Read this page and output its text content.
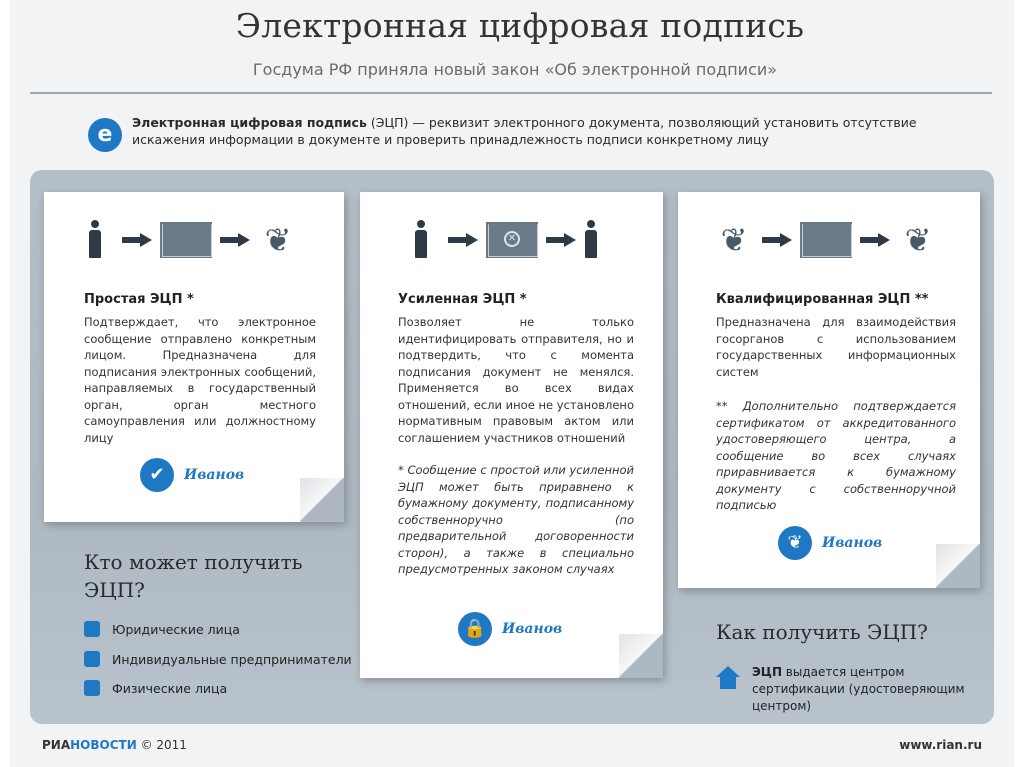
Электронная цифровая подпись
Госдума РФ приняла новый закон «Об электронной подписи»
e	Электронная цифровая подпись (ЭЦП) — реквизит электронного документа, позволяющий установить отсутствие искажения информации в документе и проверить принадлежность подписи конкретному лицу
❦
Простая ЭЦП *
Подтверждает, что электронное сообщение отправлено конкретным лицом. Предназначена для подписания электронных сообщений, направляемых в государственный орган, орган местного самоуправления или должностному лицу
✔	Иванов
✕
Усиленная ЭЦП *
Позволяет не только идентифицировать отправителя, но и подтвердить, что с момента подписания документ не менялся. Применяется во всех видах отношений, если иное не установлено нормативным правовым актом или соглашением участников отношений
* Сообщение с простой или усиленной ЭЦП может быть приравнено к бумажному документу, подписанному собственноручно (по предварительной договоренности сторон), а также в специально предусмотренных законом случаях
🔒	Иванов
❦	❦
Квалифицированная ЭЦП **
Предназначена для взаимодействия госорганов с использованием государственных информационных систем
** Дополнительно подтверждается сертификатом от аккредитованного удостоверяющего центра, а сообщение во всех случаях приравнивается к бумажному документу с собственноручной подписью
❦	Иванов
Кто может получить ЭЦП?
Юридические лица
Индивидуальные предприниматели
Физические лица
Как получить ЭЦП?
ЭЦП выдается центром сертификации (удостоверяющим центром)
РИАНОВОСТИ © 2011	www.rian.ru
